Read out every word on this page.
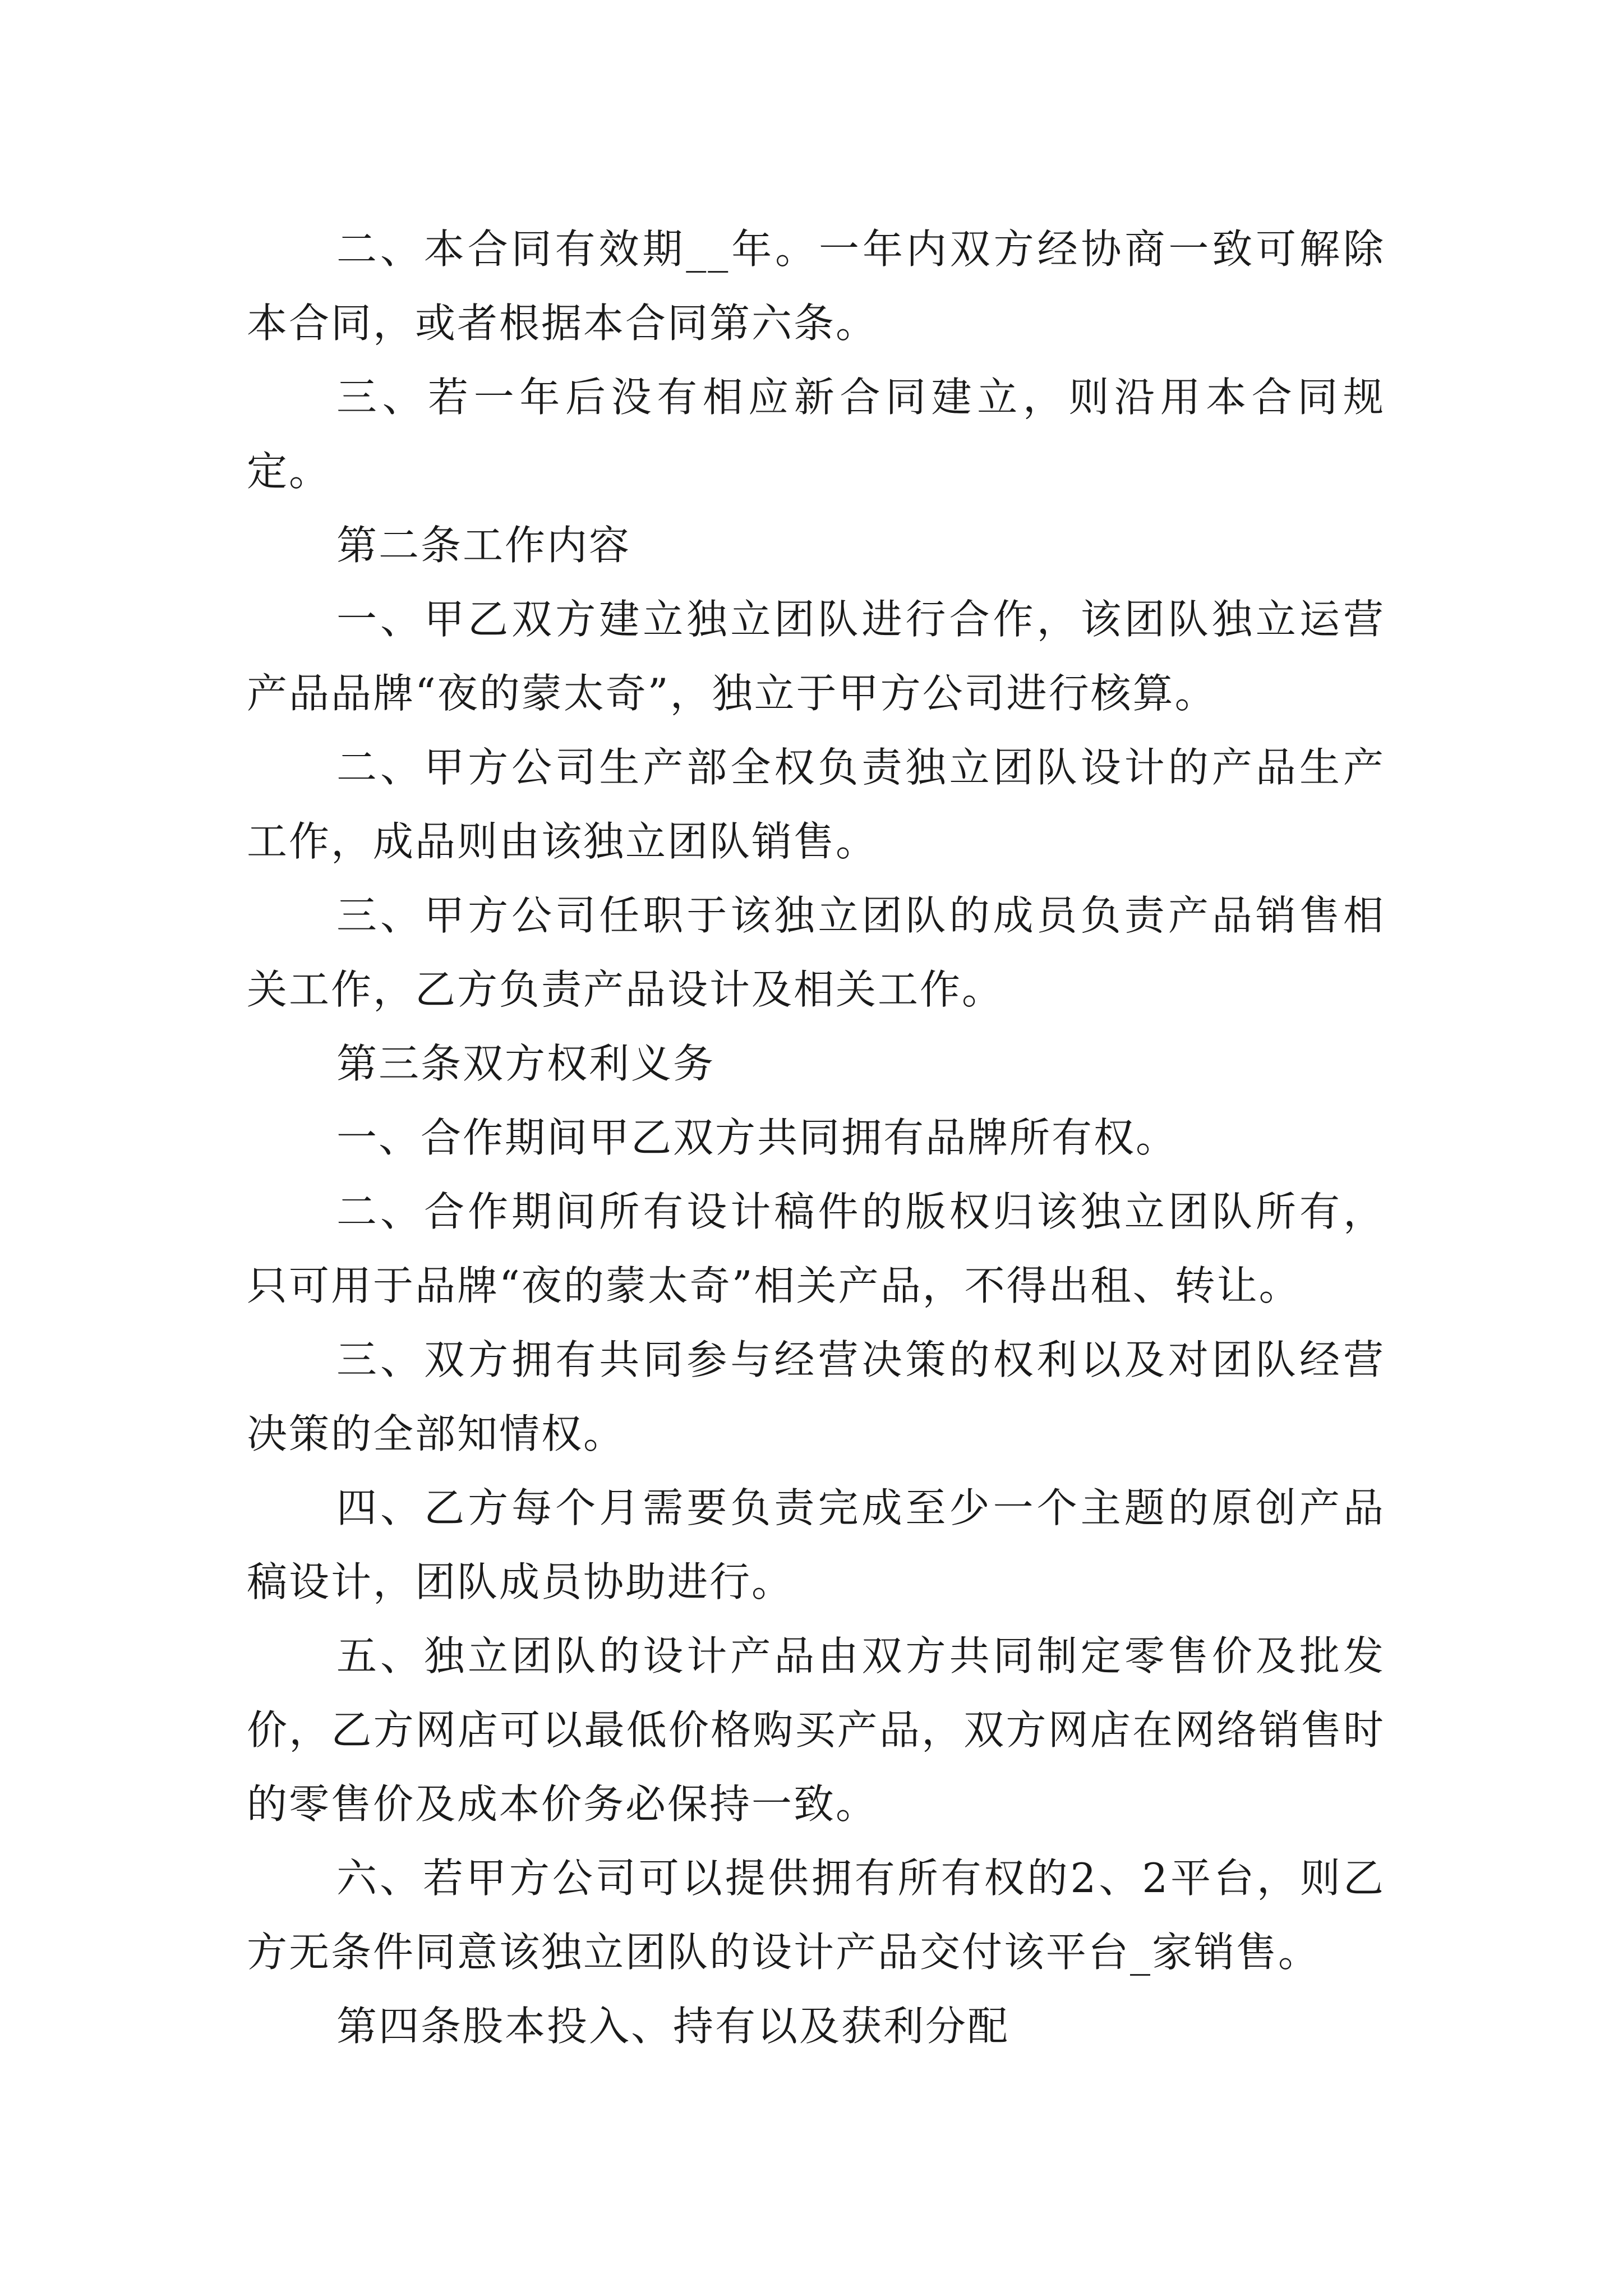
二、本合同有效期__年。一年内双方经协商一致可解除本合同，或者根据本合同第六条。

三、若一年后没有相应新合同建立，则沿用本合同规定。

第二条工作内容

一、甲乙双方建立独立团队进行合作，该团队独立运营产品品牌“夜的蒙太奇”，独立于甲方公司进行核算。

二、甲方公司生产部全权负责独立团队设计的产品生产工作，成品则由该独立团队销售。

三、甲方公司任职于该独立团队的成员负责产品销售相关工作，乙方负责产品设计及相关工作。

第三条双方权利义务

一、合作期间甲乙双方共同拥有品牌所有权。

二、合作期间所有设计稿件的版权归该独立团队所有，只可用于品牌“夜的蒙太奇”相关产品，不得出租、转让。

三、双方拥有共同参与经营决策的权利以及对团队经营决策的全部知情权。

四、乙方每个月需要负责完成至少一个主题的原创产品稿设计，团队成员协助进行。

五、独立团队的设计产品由双方共同制定零售价及批发价，乙方网店可以最低价格购买产品，双方网店在网络销售时的零售价及成本价务必保持一致。

六、若甲方公司可以提供拥有所有权的2、2平台，则乙方无条件同意该独立团队的设计产品交付该平台_家销售。

第四条股本投入、持有以及获利分配
